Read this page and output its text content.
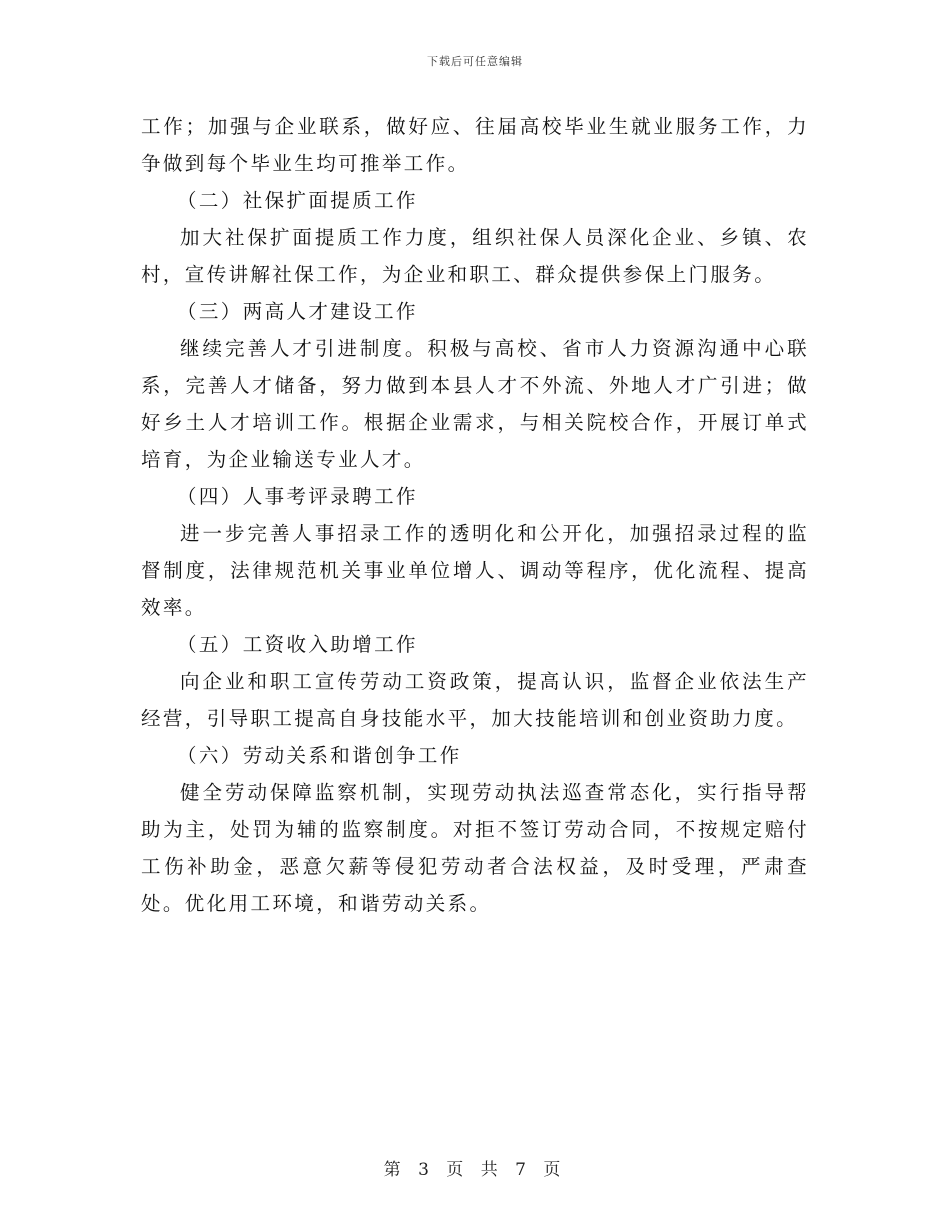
下载后可任意编辑

工作；加强与企业联系，做好应、往届高校毕业生就业服务工作，力争做到每个毕业生均可推举工作。

（二）社保扩面提质工作

加大社保扩面提质工作力度，组织社保人员深化企业、乡镇、农村，宣传讲解社保工作，为企业和职工、群众提供参保上门服务。

（三）两高人才建设工作

继续完善人才引进制度。积极与高校、省市人力资源沟通中心联系，完善人才储备，努力做到本县人才不外流、外地人才广引进；做好乡土人才培训工作。根据企业需求，与相关院校合作，开展订单式培育，为企业输送专业人才。

（四）人事考评录聘工作

进一步完善人事招录工作的透明化和公开化，加强招录过程的监督制度，法律规范机关事业单位增人、调动等程序，优化流程、提高效率。

（五）工资收入助增工作

向企业和职工宣传劳动工资政策，提高认识，监督企业依法生产经营，引导职工提高自身技能水平，加大技能培训和创业资助力度。

（六）劳动关系和谐创争工作

健全劳动保障监察机制，实现劳动执法巡查常态化，实行指导帮助为主，处罚为辅的监察制度。对拒不签订劳动合同，不按规定赔付工伤补助金，恶意欠薪等侵犯劳动者合法权益，及时受理，严肃查处。优化用工环境，和谐劳动关系。

第 3 页 共 7 页
